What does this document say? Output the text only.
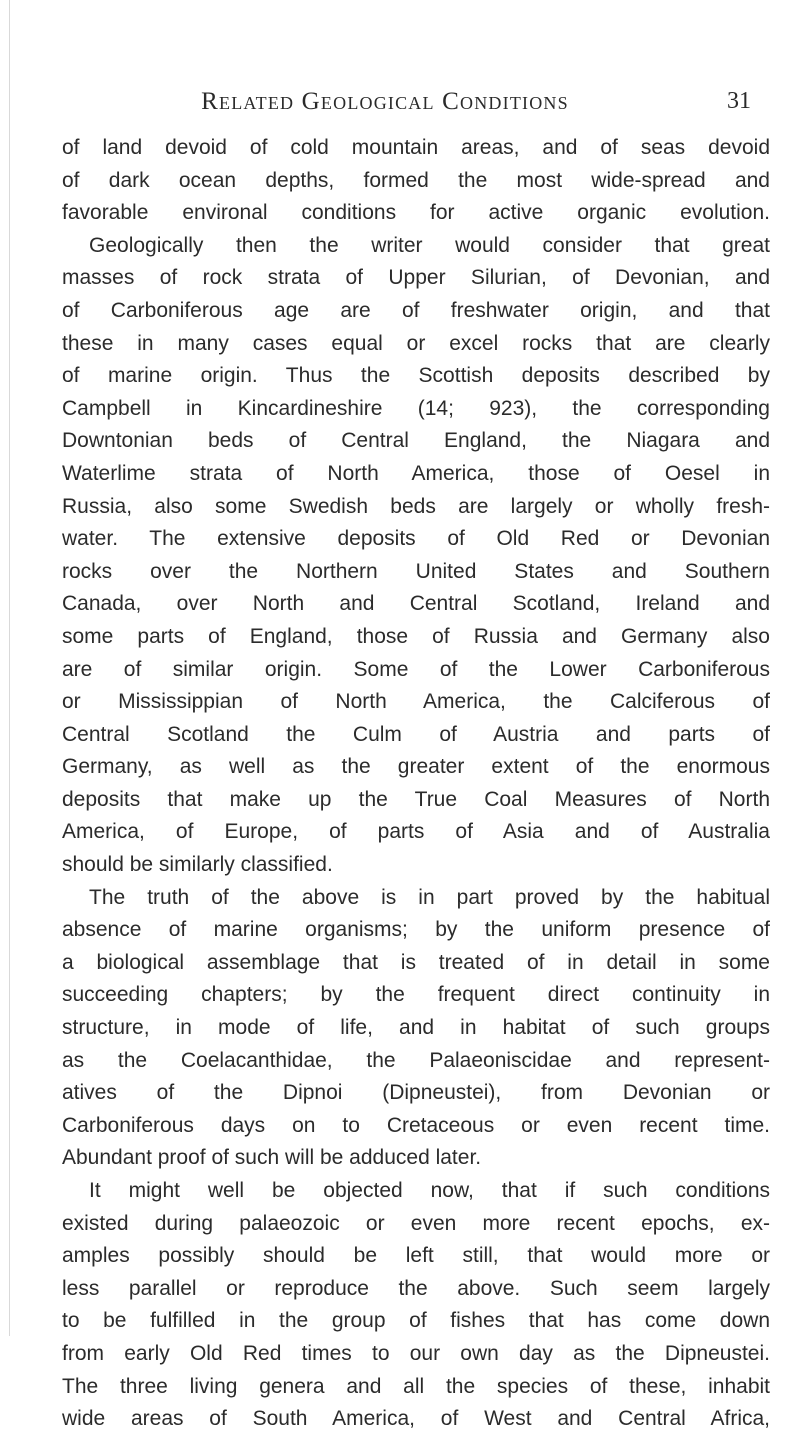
Related Geological Conditions	31
of land devoid of cold mountain areas, and of seas devoid
of dark ocean depths, formed the most wide-spread and
favorable environal conditions for active organic evolution.
Geologically then the writer would consider that great
masses of rock strata of Upper Silurian, of Devonian, and
of Carboniferous age are of freshwater origin, and that
these in many cases equal or excel rocks that are clearly
of marine origin. Thus the Scottish deposits described by
Campbell in Kincardineshire (14; 923), the corresponding
Downtonian beds of Central England, the Niagara and
Waterlime strata of North America, those of Oesel in
Russia, also some Swedish beds are largely or wholly fresh-
water. The extensive deposits of Old Red or Devonian
rocks over the Northern United States and Southern
Canada, over North and Central Scotland, Ireland and
some parts of England, those of Russia and Germany also
are of similar origin. Some of the Lower Carboniferous
or Mississippian of North America, the Calciferous of
Central Scotland the Culm of Austria and parts of
Germany, as well as the greater extent of the enormous
deposits that make up the True Coal Measures of North
America, of Europe, of parts of Asia and of Australia
should be similarly classified.
The truth of the above is in part proved by the habitual
absence of marine organisms; by the uniform presence of
a biological assemblage that is treated of in detail in some
succeeding chapters; by the frequent direct continuity in
structure, in mode of life, and in habitat of such groups
as the Coelacanthidae, the Palaeoniscidae and represent-
atives of the Dipnoi (Dipneustei), from Devonian or
Carboniferous days on to Cretaceous or even recent time.
Abundant proof of such will be adduced later.
It might well be objected now, that if such conditions
existed during palaeozoic or even more recent epochs, ex-
amples possibly should be left still, that would more or
less parallel or reproduce the above. Such seem largely
to be fulfilled in the group of fishes that has come down
from early Old Red times to our own day as the Dipneustei.
The three living genera and all the species of these, inhabit
wide areas of South America, of West and Central Africa,
